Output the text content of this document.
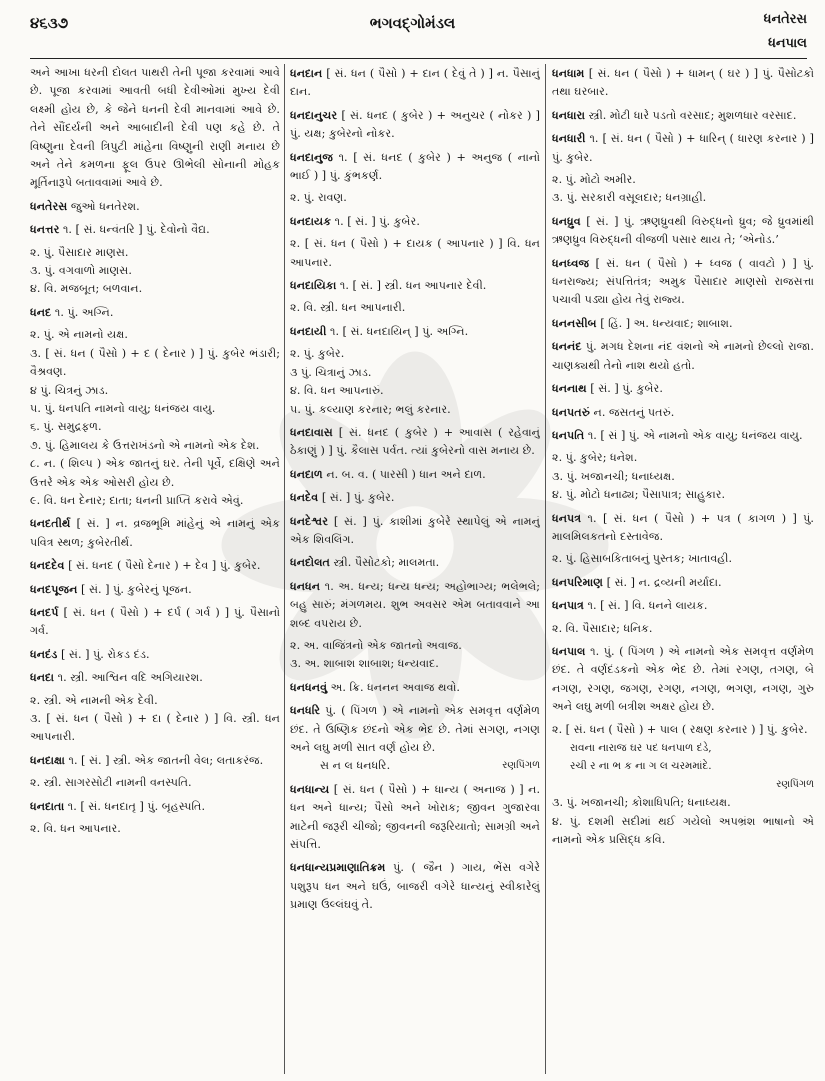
૪૬૩૭	ભગવદ્ગોમંડલ	ધનતેરસ
ધનપાલ

અને આખા ધરની દોલત પાથરી તેની પૂજા કરવામાં આવે છે. પૂજા કરવામાં આવતી બધી દેવીઓમાં મુખ્ય દેવી લક્ષ્મી હોય છે, કે જેને ધનની દેવી માનવામાં આવે છે. તેને સૌંદર્યની અને આબાદીની દેવી પણ કહે છે. તે વિષ્ણુના દેવની ત્રિપુટી માંહેના વિષ્ણુની રાણી મનાય છે અને તેને કમળના ફૂલ ઉપર ઊભેલી સોનાની મોહક મૂર્તિનારૂપે બતાવવામાં આવે છે.

ધનતેરસ જુઓ ધનતેરશ.

ધનત્તર ૧. [ સં. ધન્વંતરિ ] પું. દેવોનો વૈદ્ય.

૨. પું. પૈસાદાર માણસ.

૩. પું. વગવાળો માણસ.

૪. વિ. મજબૂત; બળવાન.

ધનદ ૧. પું. અગ્નિ.

૨. પું. એ નામનો યક્ષ.

૩. [ સં. ધન ( પૈસો ) + દ ( દેનાર ) ] પું. કુબેર ભંડારી; વૈશ્રવણ.

૪ પું. ચિત્રનું ઝાડ.

૫. પું. ધનપતિ નામનો વાયુ; ધનંજય વાયુ.

૬. પું. સમુદ્રફળ.

૭. પું. હિમાલય કે ઉત્તરાખંડનો એ નામનો એક દેશ.

૮. ન. ( શિલ્પ ) એક જાતનું ઘર. તેની પૂર્વે, દક્ષિણે અને ઉત્તરે એક એક ઓસરી હોય છે.

૯. વિ. ધન દેનાર; દાતા; ધનની પ્રાપ્તિ કરાવે એવું.

ધનદતીર્થ [ સં. ] ન. વ્રજભૂમિ માંહેનું એ નામનું એક પવિત્ર સ્થળ; કુબેરતીર્થ.

ધનદદેવ [ સં. ધનદ ( પૈસો દેનાર ) + દેવ ] પું. કુબેર.

ધનદપૂજન [ સં. ] પું. કુબેરનું પૂજન.

ધનદર્પ [ સં. ધન ( પૈસો ) + દર્પ ( ગર્વ ) ] પું. પૈસાનો ગર્વ.

ધનદંડ [ સં. ] પું. રોકડ દંડ.

ધનદા ૧. સ્ત્રી. આશ્વિન વદિ અગિયારશ.

૨. સ્ત્રી. એ નામની એક દેવી.

૩. [ સં. ધન ( પૈસો ) + દા ( દેનાર ) ] વિ. સ્ત્રી. ધન આપનારી.

ધનદાક્ષા ૧. [ સં. ] સ્ત્રી. એક જાતની વેલ; લતાકરંજ.

૨. સ્ત્રી. સાગરસોટી નામની વનસ્પતિ.

ધનદાતા ૧. [ સં. ધનદાતૃ ] પું. બૃહસ્પતિ.

૨. વિ. ધન આપનાર.

ધનદાન [ સં. ધન ( પૈસો ) + દાન ( દેવું તે ) ] ન. પૈસાનું દાન.

ધનદાનુચર [ સં. ધનદ ( કુબેર ) + અનુચર ( નોકર ) ] પું. યક્ષ; કુબેરનો નોકર.

ધનદાનુજ ૧. [ સં. ધનદ ( કુબેર ) + અનુજ ( નાનો ભાઈ ) ] પું. કુંભકર્ણ.

૨. પું. રાવણ.

ધનદાયક ૧. [ સં. ] પું. કુબેર.

૨. [ સં. ધન ( પૈસો ) + દાયક ( આપનાર ) ] વિ. ધન આપનાર.

ધનદાયિકા ૧. [ સં. ] સ્ત્રી. ધન આપનાર દેવી.

૨. વિ. સ્ત્રી. ધન આપનારી.

ધનદાયી ૧. [ સં. ધનદાયિન્ ] પું. અગ્નિ.

૨. પું. કુબેર.

૩ પું. ચિત્રાનું ઝાડ.

૪. વિ. ધન આપનારું.

૫. પું. કલ્યાણ કરનાર; ભલું કરનાર.

ધનદાવાસ [ સં. ધનદ ( કુબેર ) + આવાસ ( રહેવાનું ઠેકાણું ) ] પું. કૈલાસ પર્વત. ત્યાં કુબેરનો વાસ મનાય છે.

ધનદાળ ન. બ. વ. ( પારસી ) ધાન અને દાળ.

ધનદેવ [ સં. ] પું. કુબેર.

ધનદેશ્વર [ સં. ] પું. કાશીમાં કુબેરે સ્થાપેલું એ નામનું એક શિવલિંગ.

ધનદોલત સ્ત્રી. પૈસોટકો; માલમતા.

ધનધન ૧. અ. ધન્ય; ધન્ય ધન્ય; અહોભાગ્ય; ભલેભલે; બહુ સારું; મંગળમય. શુભ અવસર એમ બતાવવાને આ શબ્દ વપરાય છે.

૨. અ. વાજિંત્રનો એક જાતનો અવાજ.

૩. અ. શાબાશ શાબાશ; ધન્યવાદ.

ધનધનવું અ. ક્રિ. ધનનન અવાજ થવો.

ધનધરિ પું. ( પિંગળ ) એ નામનો એક સમવૃત્ત વર્ણમેળ છંદ. તે ઉષ્ણિક છંદનો એક ભેદ છે. તેમાં સગણ, નગણ અને લઘુ મળી સાત વર્ણ હોય છે.

સ ન લ ધનધરિ.	રણપિંગળ

ધનધાન્ય [ સં. ધન ( પૈસો ) + ધાન્ય ( અનાજ ) ] ન. ધન અને ધાન્ય; પૈસો અને ખોરાક; જીવન ગુજારવા માટેની જરૂરી ચીજો; જીવનની જરૂરિયાતો; સામગ્રી અને સંપત્તિ.

ધનધાન્યપ્રમાણાતિક્રમ પું. ( જૈન ) ગાય, ભેંસ વગેરે પશુરૂપ ધન અને ઘઉં, બાજરી વગેરે ધાન્યનું સ્વીકારેલું પ્રમાણ ઉલ્લંઘવું તે.

ધનધામ [ સં. ધન ( પૈસો ) + ધામન્ ( ઘર ) ] પું. પૈસોટકો તથા ઘરબાર.

ધનધારા સ્ત્રી. મોટી ધારે પડતો વરસાદ; મુશળધાર વરસાદ.

ધનધારી ૧. [ સં. ધન ( પૈસો ) + ધારિન્ ( ધારણ કરનાર ) ] પું. કુબેર.

૨. પું. મોટો અમીર.

૩. પું. સરકારી વસૂલદાર; ધનગ્રાહી.

ધનધ્રુવ [ સં. ] પું. ઋણધ્રુવથી વિરુદ્ધનો ધ્રુવ; જે ધ્રુવમાંથી ઋણધ્રુવ વિરુદ્ધની વીજળી પસાર થાય તે; ‘એનોડ.’

ધનધ્વજ [ સં. ધન ( પૈસો ) + ધ્વજ ( વાવટો ) ] પું. ધનરાજ્ય; સંપત્તિતંત્ર; અમુક પૈસાદાર માણસો રાજસત્તા પચાવી પડ્યા હોય તેવું રાજ્ય.

ધનનસીબ [ હિં. ] અ. ધન્યવાદ; શાબાશ.

ધનનંદ પું. મગધ દેશના નંદ વંશનો એ નામનો છેલ્લો રાજા. ચાણક્યથી તેનો નાશ થયો હતો.

ધનનાથ [ સં. ] પું. કુબેર.

ધનપતરું ન. જસતનું પતરું.

ધનપતિ ૧. [ સં ] પું. એ નામનો એક વાયુ; ધનંજય વાયુ.

૨. પું. કુબેર; ધનેશ.

૩. પું. ખજાનચી; ધનાધ્યક્ષ.

૪. પું. મોટો ધનાઢ્ય; પૈસાપાત્ર; સાહુકાર.

ધનપત્ર ૧. [ સં. ધન ( પૈસો ) + પત્ર ( કાગળ ) ] પું. માલમિલકતનો દસ્તાવેજ.

૨. પું. હિસાબકિતાબનું પુસ્તક; ખાતાવહી.

ધનપરિમાણ [ સં. ] ન. દ્રવ્યની મર્યાદા.

ધનપાત્ર ૧. [ સં. ] વિ. ધનને લાયક.

૨. વિ. પૈસાદાર; ધનિક.

ધનપાલ ૧. પું. ( પિંગળ ) એ નામનો એક સમવૃત્ત વર્ણમેળ છંદ. તે વર્ણદંડકનો એક ભેદ છે. તેમાં રગણ, તગણ, બે નગણ, રગણ, જગણ, રગણ, નગણ, ભગણ, નગણ, ગુરુ અને લઘુ મળી બત્રીશ અક્ષર હોય છે.

૨. [ સં. ધન ( પૈસો ) + પાલ ( રક્ષણ કરનાર ) ] પું. કુબેર.

રાવના નારાજ ઘર પદ ધનપાળ દંડે,

રચી ર ના ભ ક ના ગ લ ચરમમાંદે.

રણપિંગળ

૩. પું. ખજાનચી; કોશાધિપતિ; ધનાધ્યક્ષ.

૪. પું. દશમી સદીમાં થઈ ગયેલો અપભ્રંશ ભાષાનો એ નામનો એક પ્રસિદ્ધ કવિ.
